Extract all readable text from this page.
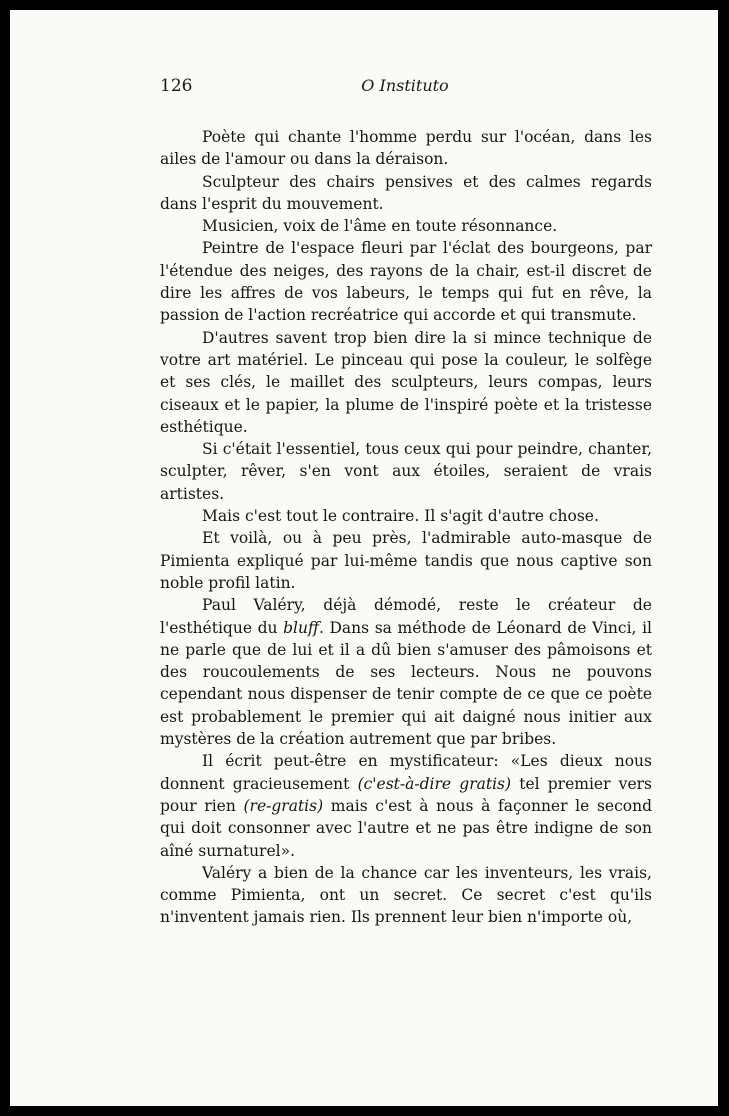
126	O Instituto

Poète qui chante l'homme perdu sur l'océan, dans les ailes de l'amour ou dans la déraison.

Sculpteur des chairs pensives et des calmes regards dans l'esprit du mouvement.

Musicien, voix de l'âme en toute résonnance.

Peintre de l'espace fleuri par l'éclat des bourgeons, par l'étendue des neiges, des rayons de la chair, est-il discret de dire les affres de vos labeurs, le temps qui fut en rêve, la passion de l'action recréatrice qui accorde et qui transmute.

D'autres savent trop bien dire la si mince technique de votre art matériel. Le pinceau qui pose la couleur, le solfège et ses clés, le maillet des sculpteurs, leurs compas, leurs ciseaux et le papier, la plume de l'inspiré poète et la tristesse esthétique.

Si c'était l'essentiel, tous ceux qui pour peindre, chanter, sculpter, rêver, s'en vont aux étoiles, seraient de vrais artistes.

Mais c'est tout le contraire. Il s'agit d'autre chose.

Et voilà, ou à peu près, l'admirable auto-masque de Pimienta expliqué par lui-même tandis que nous captive son noble profil latin.

Paul Valéry, déjà démodé, reste le créateur de l'esthétique du bluff. Dans sa méthode de Léonard de Vinci, il ne parle que de lui et il a dû bien s'amuser des pâmoisons et des roucoulements de ses lecteurs. Nous ne pouvons cependant nous dispenser de tenir compte de ce que ce poète est probablement le premier qui ait daigné nous initier aux mystères de la création autrement que par bribes.

Il écrit peut-être en mystificateur: «Les dieux nous donnent gracieusement (c'est-à-dire gratis) tel premier vers pour rien (re-gratis) mais c'est à nous à façonner le second qui doit consonner avec l'autre et ne pas être indigne de son aîné surnaturel».

Valéry a bien de la chance car les inventeurs, les vrais, comme Pimienta, ont un secret. Ce secret c'est qu'ils n'inventent jamais rien. Ils prennent leur bien n'importe où,
